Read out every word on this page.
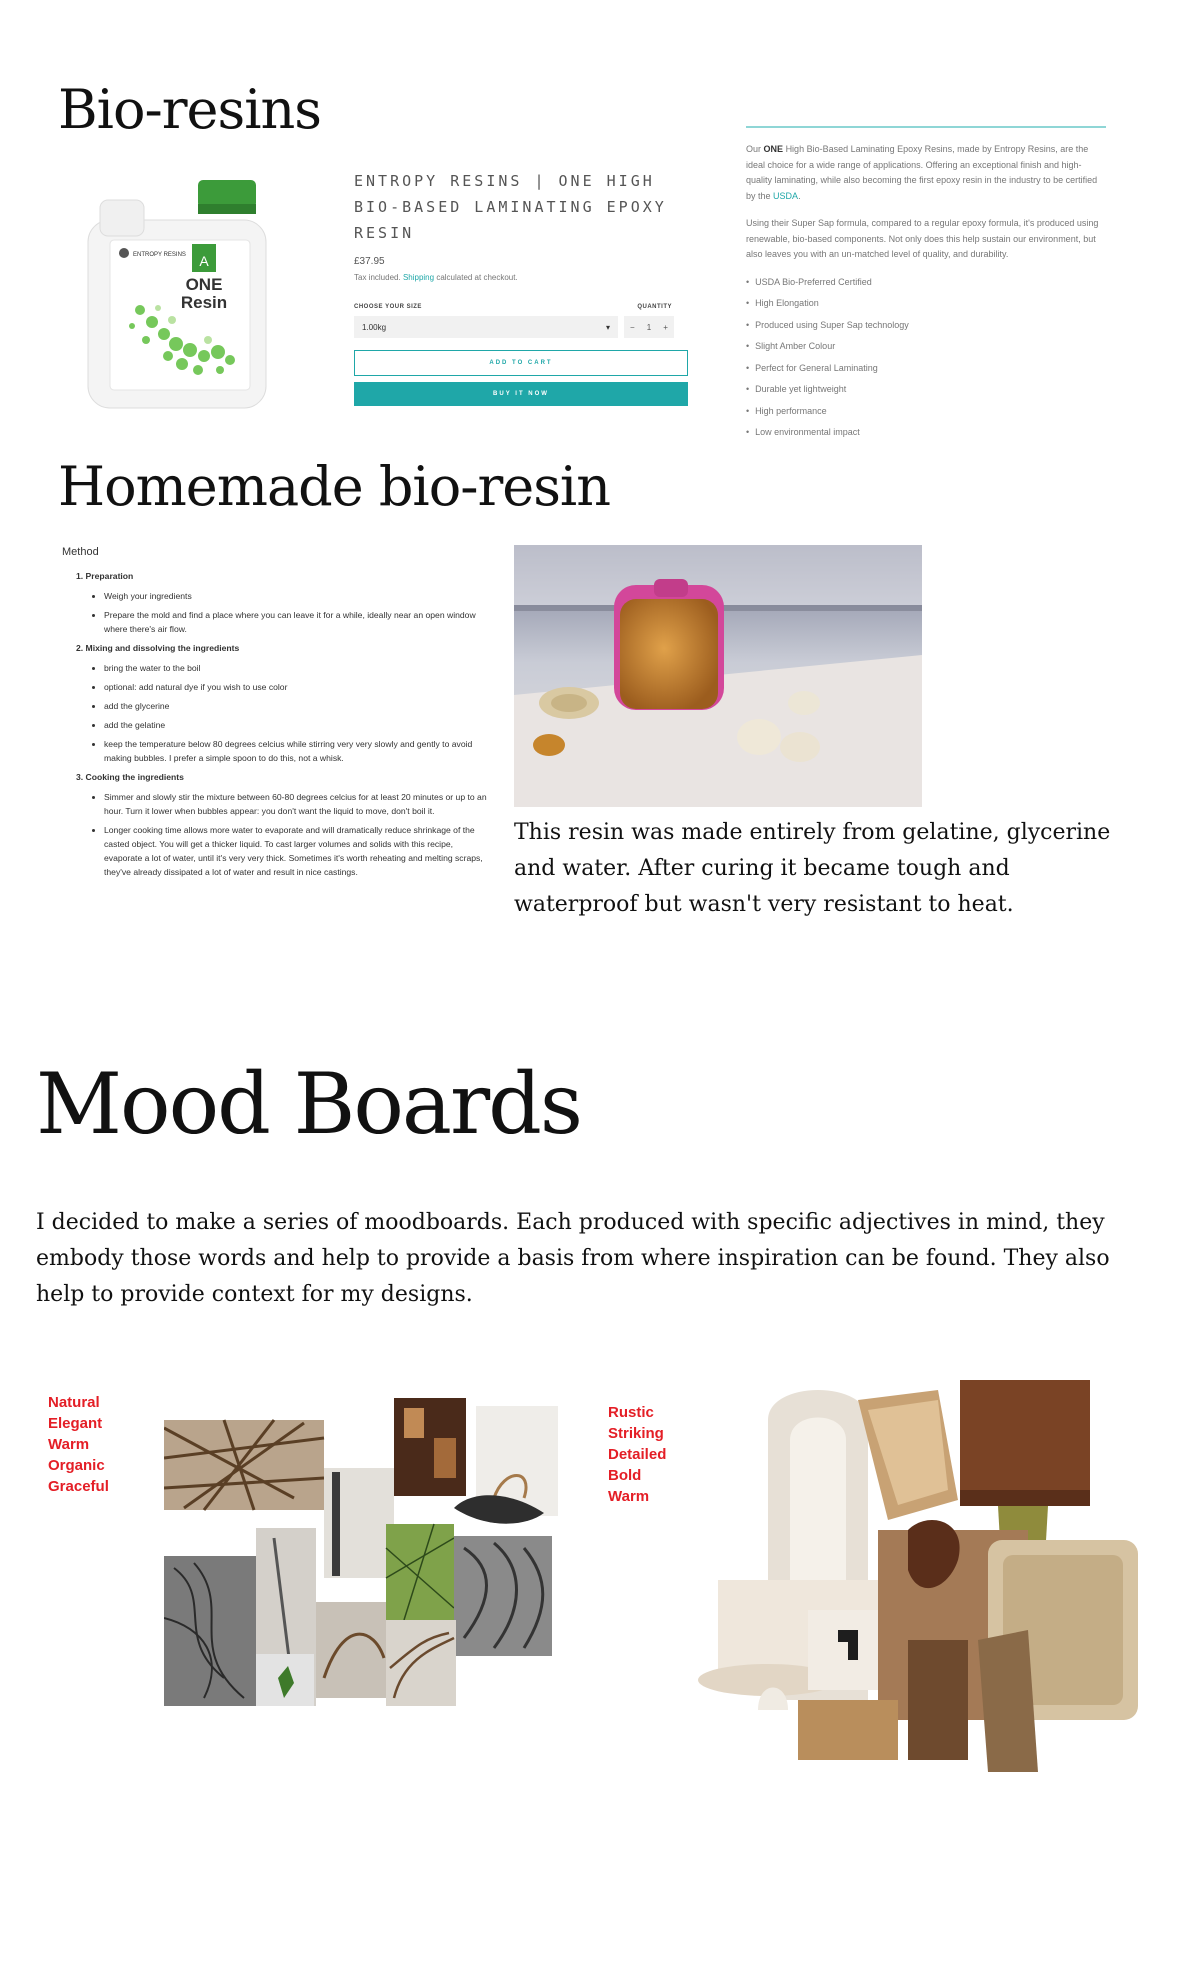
Bio-resins
ENTROPY RESINS A
ONE
Resin
ENTROPY RESINS | ONE HIGH BIO-BASED LAMINATING EPOXY RESIN
£37.95
Tax included. Shipping calculated at checkout.
CHOOSE YOUR SIZE	QUANTITY
1.00kg	▾	− 1 +
ADD TO CART
BUY IT NOW

Our ONE High Bio-Based Laminating Epoxy Resins, made by Entropy Resins, are the ideal choice for a wide range of applications. Offering an exceptional finish and high-quality laminating, while also becoming the first epoxy resin in the industry to be certified by the USDA.

Using their Super Sap formula, compared to a regular epoxy formula, it's produced using renewable, bio-based components. Not only does this help sustain our environment, but also leaves you with an un-matched level of quality, and durability.

• USDA Bio-Preferred Certified
• High Elongation
• Produced using Super Sap technology
• Slight Amber Colour
• Perfect for General Laminating
• Durable yet lightweight
• High performance
• Low environmental impact
Homemade bio-resin
Method
1. Preparation
• Weigh your ingredients
• Prepare the mold and find a place where you can leave it for a while, ideally near an open window where there's air flow.
2. Mixing and dissolving the ingredients
• bring the water to the boil
• optional: add natural dye if you wish to use color
• add the glycerine
• add the gelatine
• keep the temperature below 80 degrees celcius while stirring very very slowly and gently to avoid making bubbles. I prefer a simple spoon to do this, not a whisk.
3. Cooking the ingredients
• Simmer and slowly stir the mixture between 60-80 degrees celcius for at least 20 minutes or up to an hour. Turn it lower when bubbles appear: you don't want the liquid to move, don't boil it.
• Longer cooking time allows more water to evaporate and will dramatically reduce shrinkage of the casted object. You will get a thicker liquid. To cast larger volumes and solids with this recipe, evaporate a lot of water, until it's very very thick. Sometimes it's worth reheating and melting scraps, they've already dissipated a lot of water and result in nice castings.

This resin was made entirely from gelatine, glycerine and water. After curing it became tough and waterproof but wasn't very resistant to heat.

Mood Boards

I decided to make a series of moodboards. Each produced with specific adjectives in mind, they embody those words and help to provide a basis from where inspiration can be found. They also help to provide context for my designs.

Natural
Elegant
Warm
Organic
Graceful
Rustic
Striking
Detailed
Bold
Warm
